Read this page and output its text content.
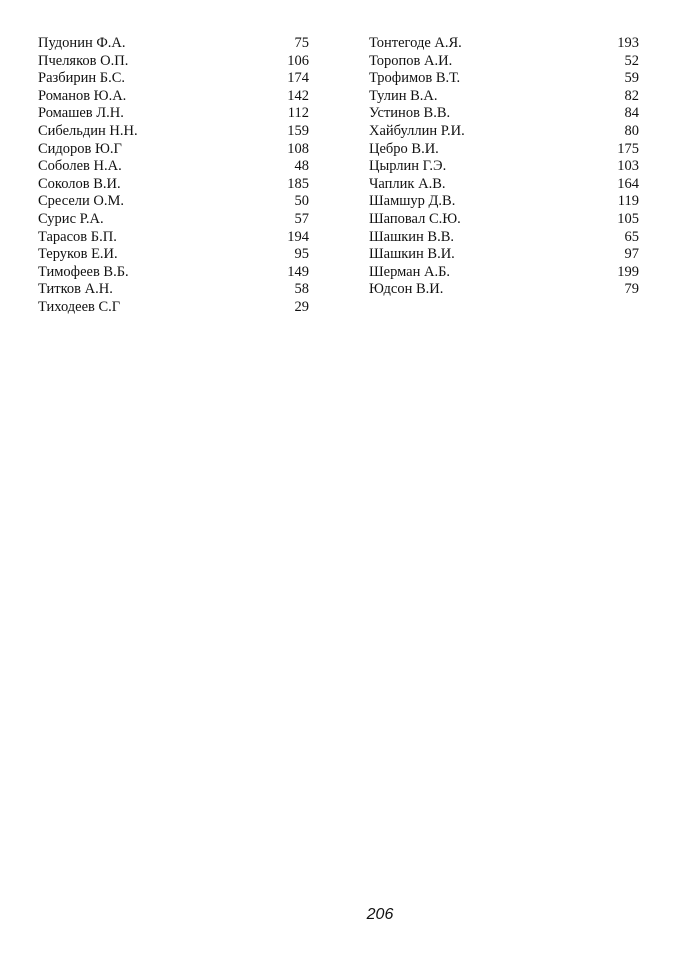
Пудонин Ф.А.	75
Пчеляков О.П.	106
Разбирин Б.С.	174
Романов Ю.А.	142
Ромашев Л.Н.	112
Сибельдин Н.Н.	159
Сидоров Ю.Г	108
Соболев Н.А.	48
Соколов В.И.	185
Сресели О.М.	50
Сурис Р.А.	57
Тарасов Б.П.	194
Теруков Е.И.	95
Тимофеев В.Б.	149
Титков А.Н.	58
Тиходеев С.Г	29
Тонтегоде А.Я.	193
Торопов А.И.	52
Трофимов В.Т.	59
Тулин В.А.	82
Устинов В.В.	84
Хайбуллин Р.И.	80
Цебро В.И.	175
Цырлин Г.Э.	103
Чаплик А.В.	164
Шамшур Д.В.	119
Шаповал С.Ю.	105
Шашкин В.В.	65
Шашкин В.И.	97
Шерман А.Б.	199
Юдсон В.И.	79
206
